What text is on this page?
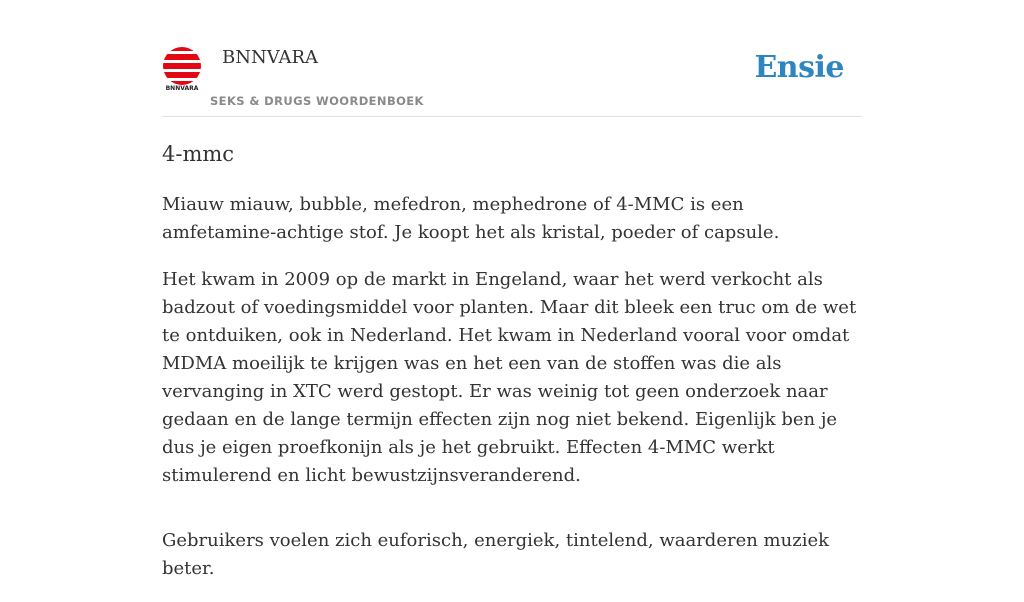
BNNVARA
BNNVARA
SEKS & DRUGS WOORDENBOEK
Ensie
4-mmc

Miauw miauw, bubble, mefedron, mephedrone of 4-MMC is een amfetamine-achtige stof. Je koopt het als kristal, poeder of capsule.

Het kwam in 2009 op de markt in Engeland, waar het werd verkocht als badzout of voedingsmiddel voor planten. Maar dit bleek een truc om de wet te ontduiken, ook in Nederland. Het kwam in Nederland vooral voor omdat MDMA moeilijk te krijgen was en het een van de stoffen was die als vervanging in XTC werd gestopt. Er was weinig tot geen onderzoek naar gedaan en de lange termijn effecten zijn nog niet bekend. Eigenlijk ben je dus je eigen proefkonijn als je het gebruikt. Effecten 4-MMC werkt stimulerend en licht bewustzijnsveranderend.

Gebruikers voelen zich euforisch, energiek, tintelend, waarderen muziek beter.
